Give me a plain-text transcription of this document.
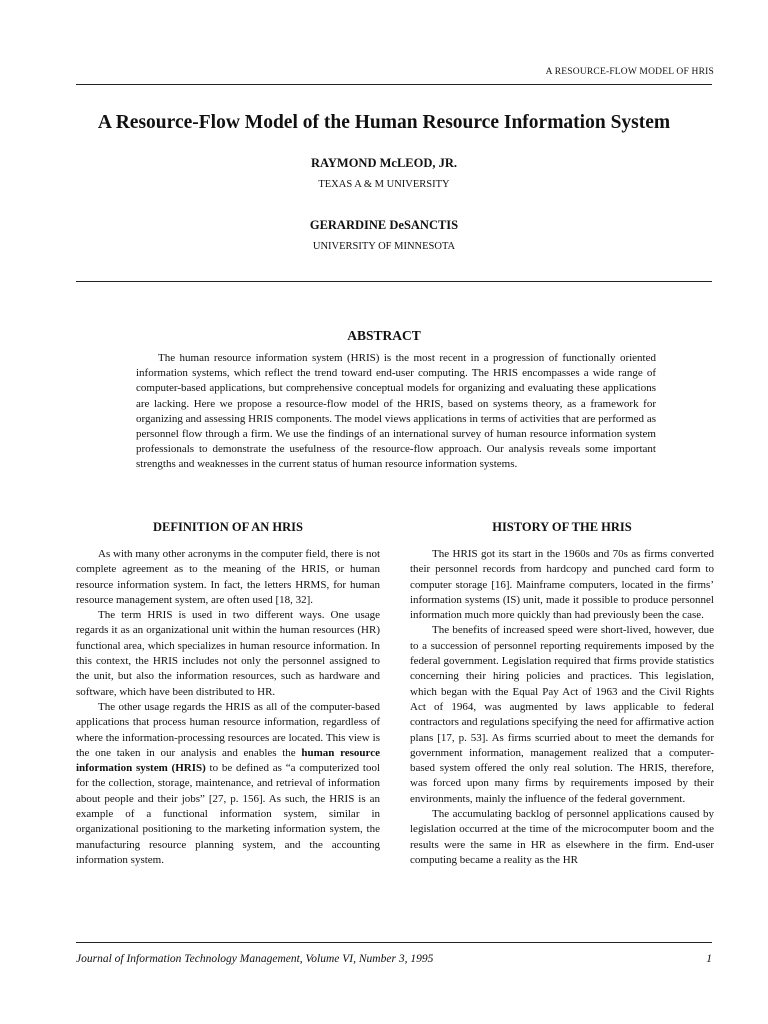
A RESOURCE-FLOW MODEL OF HRIS
A Resource-Flow Model of the Human Resource Information System
RAYMOND McLEOD, JR.
TEXAS A & M UNIVERSITY
GERARDINE DeSANCTIS
UNIVERSITY OF MINNESOTA
ABSTRACT

The human resource information system (HRIS) is the most recent in a progression of functionally oriented information systems, which reflect the trend toward end-user computing. The HRIS encompasses a wide range of computer-based applications, but comprehensive conceptual models for organizing and evaluating these applications are lacking. Here we propose a resource-flow model of the HRIS, based on systems theory, as a framework for organizing and assessing HRIS components. The model views applications in terms of activities that are performed as personnel flow through a firm. We use the findings of an international survey of human resource information system professionals to demonstrate the usefulness of the resource-flow approach. Our analysis reveals some important strengths and weaknesses in the current status of human resource information systems.

DEFINITION OF AN HRIS

As with many other acronyms in the computer field, there is not complete agreement as to the meaning of the HRIS, or human resource information system. In fact, the letters HRMS, for human resource management system, are often used [18, 32].

The term HRIS is used in two different ways. One usage regards it as an organizational unit within the human resources (HR) functional area, which specializes in human resource information. In this context, the HRIS includes not only the personnel assigned to the unit, but also the information resources, such as hardware and software, which have been distributed to HR.

The other usage regards the HRIS as all of the computer-based applications that process human resource information, regardless of where the information-processing resources are located. This view is the one taken in our analysis and enables the human resource information system (HRIS) to be defined as “a computerized tool for the collection, storage, maintenance, and retrieval of information about people and their jobs” [27, p. 156]. As such, the HRIS is an example of a functional information system, similar in organizational positioning to the marketing information system, the manufacturing resource planning system, and the accounting information system.

HISTORY OF THE HRIS

The HRIS got its start in the 1960s and 70s as firms converted their personnel records from hardcopy and punched card form to computer storage [16]. Mainframe computers, located in the firms’ information systems (IS) unit, made it possible to produce personnel information much more quickly than had previously been the case.

The benefits of increased speed were short-lived, however, due to a succession of personnel reporting requirements imposed by the federal government. Legislation required that firms provide statistics concerning their hiring policies and practices. This legislation, which began with the Equal Pay Act of 1963 and the Civil Rights Act of 1964, was augmented by laws applicable to federal contractors and regulations specifying the need for affirmative action plans [17, p. 53]. As firms scurried about to meet the demands for government information, management realized that a computer-based system offered the only real solution. The HRIS, therefore, was forced upon many firms by requirements imposed by their environments, mainly the influence of the federal government.

The accumulating backlog of personnel applications caused by legislation occurred at the time of the microcomputer boom and the results were the same in HR as elsewhere in the firm. End-user computing became a reality as the HR

Journal of Information Technology Management, Volume VI, Number 3, 1995	1
